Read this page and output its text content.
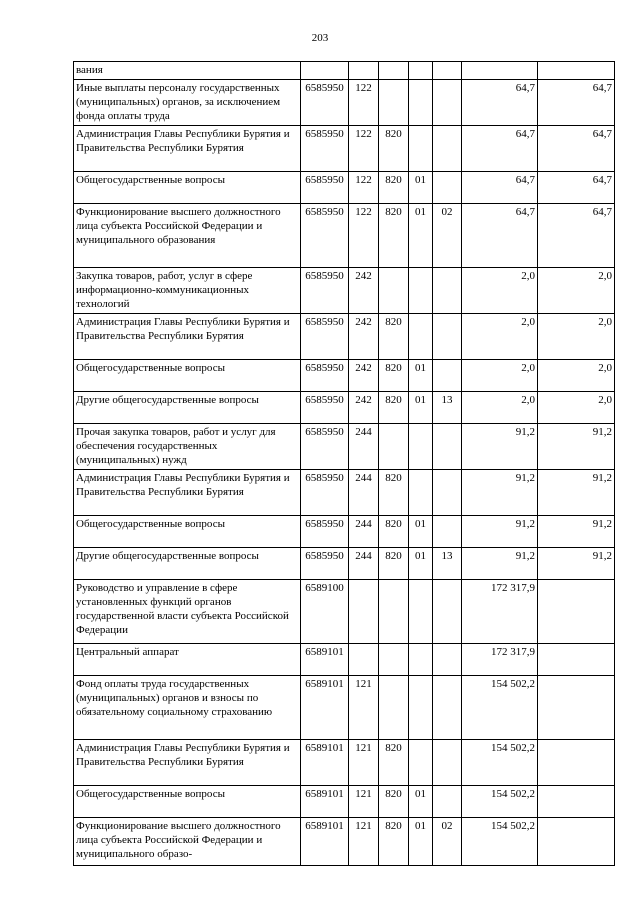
203
вания							
Иные выплаты персоналу государственных (муниципальных) органов, за исключением фонда оплаты труда	6585950	122				64,7	64,7
Администрация Главы Республики Бурятия и Правительства Республики Бурятия	6585950	122	820			64,7	64,7
Общегосударственные вопросы	6585950	122	820	01		64,7	64,7
Функционирование высшего должностного лица субъекта Российской Федерации и муниципального образования	6585950	122	820	01	02	64,7	64,7
Закупка товаров, работ, услуг в сфере информационно-коммуникационных технологий	6585950	242				2,0	2,0
Администрация Главы Республики Бурятия и Правительства Республики Бурятия	6585950	242	820			2,0	2,0
Общегосударственные вопросы	6585950	242	820	01		2,0	2,0
Другие общегосударственные вопросы	6585950	242	820	01	13	2,0	2,0
Прочая закупка товаров, работ и услуг для обеспечения государственных (муниципальных) нужд	6585950	244				91,2	91,2
Администрация Главы Республики Бурятия и Правительства Республики Бурятия	6585950	244	820			91,2	91,2
Общегосударственные вопросы	6585950	244	820	01		91,2	91,2
Другие общегосударственные вопросы	6585950	244	820	01	13	91,2	91,2
Руководство и управление в сфере установленных функций органов государственной власти субъекта Российской Федерации	6589100					172 317,9	
Центральный аппарат	6589101					172 317,9	
Фонд оплаты труда государственных (муниципальных) органов и взносы по обязательному социальному страхованию	6589101	121				154 502,2	
Администрация Главы Республики Бурятия и Правительства Республики Бурятия	6589101	121	820			154 502,2	
Общегосударственные вопросы	6589101	121	820	01		154 502,2	
Функционирование высшего должностного лица субъекта Российской Федерации и муниципального образо-	6589101	121	820	01	02	154 502,2	
